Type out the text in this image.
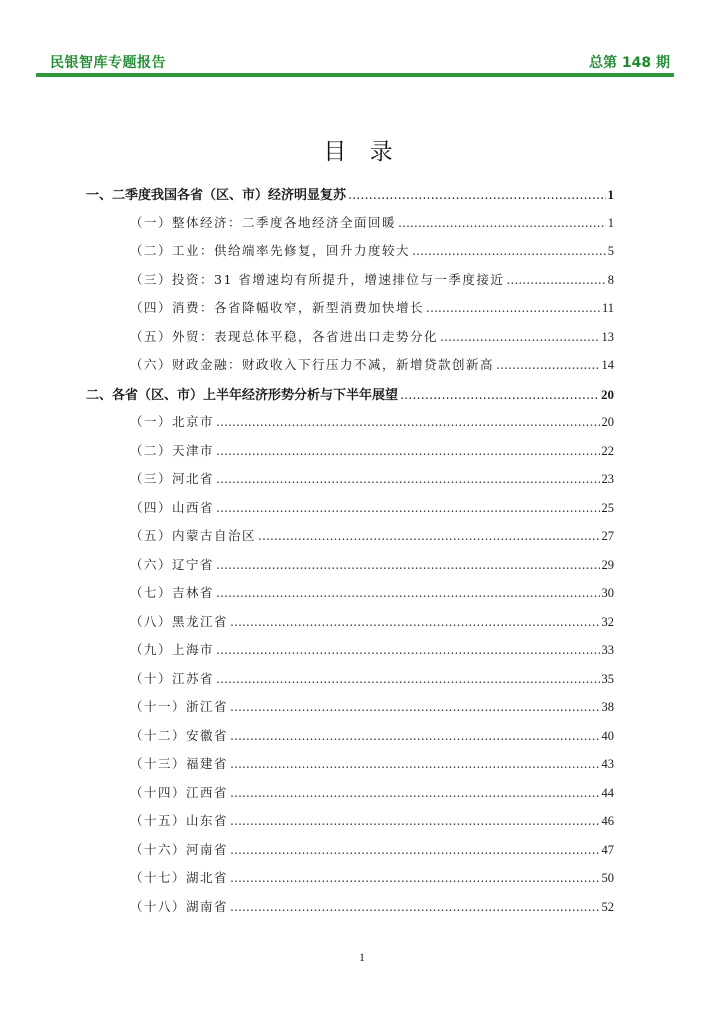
民银智库专题报告	总第 148 期
目 录
一、二季度我国各省（区、市）经济明显复苏 .....	1
（一）整体经济：二季度各地经济全面回暖 .....	1
（二）工业：供给端率先修复，回升力度较大 .....	5
（三）投资：31 省增速均有所提升，增速排位与一季度接近 .....	8
（四）消费：各省降幅收窄，新型消费加快增长 .....	11
（五）外贸：表现总体平稳，各省进出口走势分化 .....	13
（六）财政金融：财政收入下行压力不减，新增贷款创新高 .....	14
二、各省（区、市）上半年经济形势分析与下半年展望 .....	20
（一）北京市 .....	20
（二）天津市 .....	22
（三）河北省 .....	23
（四）山西省 .....	25
（五）内蒙古自治区 .....	27
（六）辽宁省 .....	29
（七）吉林省 .....	30
（八）黑龙江省 .....	32
（九）上海市 .....	33
（十）江苏省 .....	35
（十一）浙江省 .....	38
（十二）安徽省 .....	40
（十三）福建省 .....	43
（十四）江西省 .....	44
（十五）山东省 .....	46
（十六）河南省 .....	47
（十七）湖北省 .....	50
（十八）湖南省 .....	52
1
